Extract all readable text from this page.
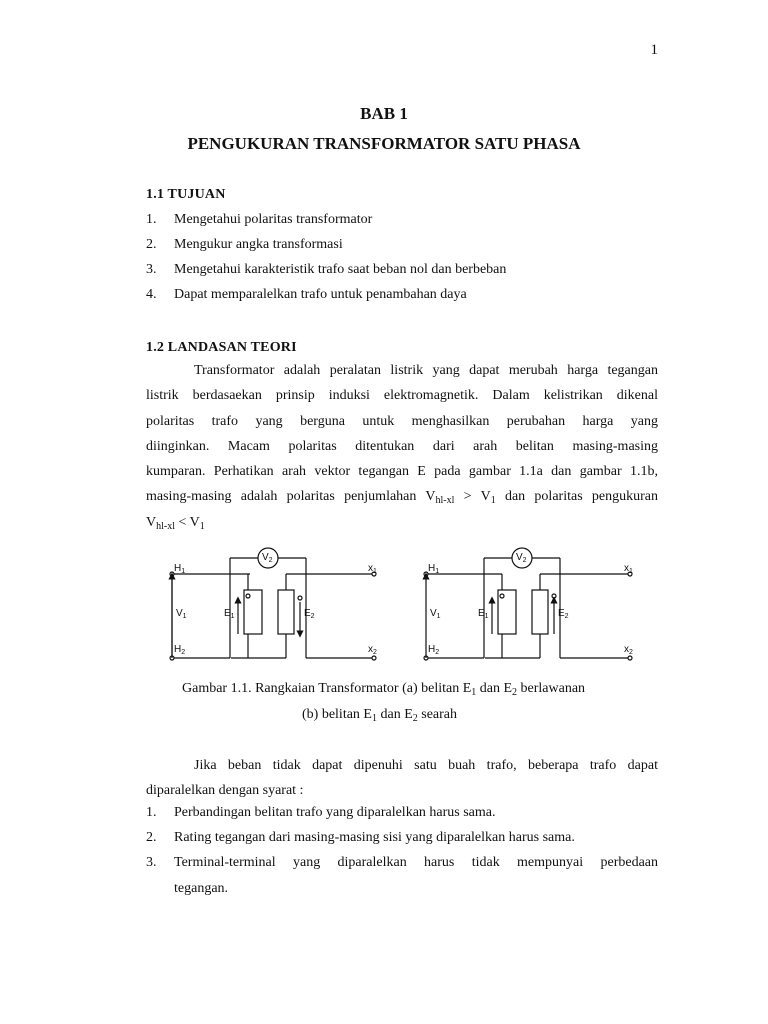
1
BAB 1
PENGUKURAN TRANSFORMATOR SATU PHASA
1.1 TUJUAN
1. Mengetahui polaritas transformator
2. Mengukur angka transformasi
3. Mengetahui karakteristik trafo saat beban nol dan berbeban
4. Dapat memparalelkan trafo untuk penambahan daya
1.2 LANDASAN TEORI
Transformator adalah peralatan listrik yang dapat merubah harga tegangan
listrik berdasaekan prinsip induksi elektromagnetik. Dalam kelistrikan dikenal
polaritas trafo yang berguna untuk menghasilkan perubahan harga yang
diinginkan. Macam polaritas ditentukan dari arah belitan masing-masing
kumparan. Perhatikan arah vektor tegangan E pada gambar 1.1a dan gambar 1.1b,
masing-masing adalah polaritas penjumlahan $V_{hl-xl} > V_1$ dan polaritas pengukuran
$V_{hl-xl} < V_1$
$H_1$
$H_2$
$V_1$	$E_1$	$E_2$
$V_2$
$x_1$
$x_2$
$H_1$
$H_2$
$V_1$	$E_1$	$E_2$
$V_2$
$x_1$
$x_2$
Gambar 1.1. Rangkaian Transformator (a) belitan $E_1$ dan $E_2$ berlawanan
(b) belitan $E_1$ dan $E_2$ searah
Jika beban tidak dapat dipenuhi satu buah trafo, beberapa trafo dapat
diparalelkan dengan syarat :
1. Perbandingan belitan trafo yang diparalelkan harus sama.
2. Rating tegangan dari masing-masing sisi yang diparalelkan harus sama.
3.	Terminal-terminal yang diparalelkan harus tidak mempunyai perbedaan
tegangan.
